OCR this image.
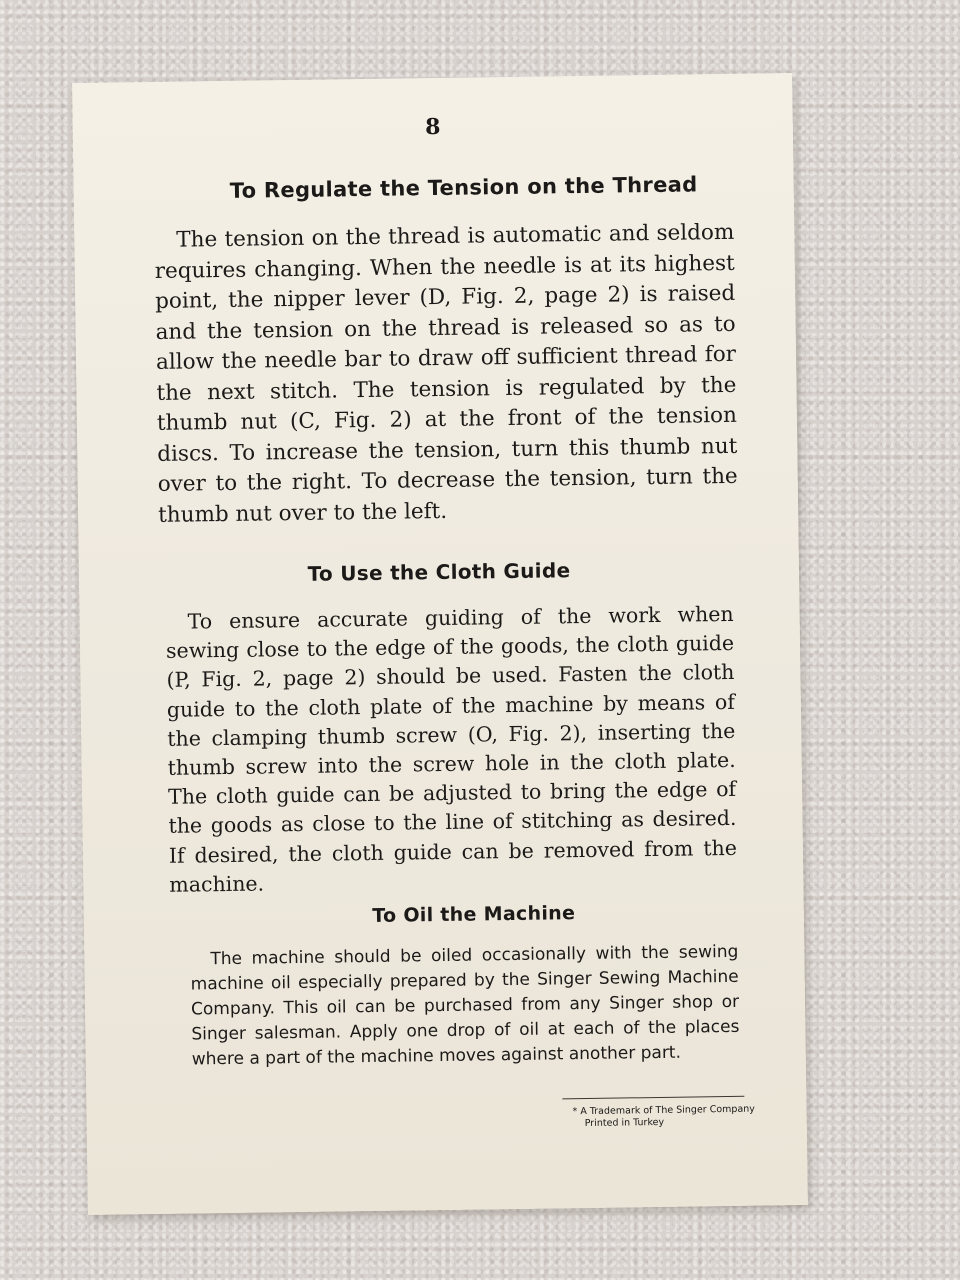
8
To Regulate the Tension on the Thread

The tension on the thread is automatic and seldom requires changing. When the needle is at its highest point, the nipper lever (D, Fig. 2, page 2) is raised and the tension on the thread is released so as to allow the needle bar to draw off sufficient thread for the next stitch. The tension is regulated by the thumb nut (C, Fig. 2) at the front of the tension discs. To increase the tension, turn this thumb nut over to the right. To decrease the tension, turn the thumb nut over to the left.

To Use the Cloth Guide

To ensure accurate guiding of the work when sewing close to the edge of the goods, the cloth guide (P, Fig. 2, page 2) should be used. Fasten the cloth guide to the cloth plate of the machine by means of the clamping thumb screw (O, Fig. 2), inserting the thumb screw into the screw hole in the cloth plate. The cloth guide can be adjusted to bring the edge of the goods as close to the line of stitching as desired. If desired, the cloth guide can be removed from the machine.

To Oil the Machine

The machine should be oiled occasionally with the sewing machine oil especially prepared by the Singer Sewing Machine Company. This oil can be purchased from any Singer shop or Singer salesman. Apply one drop of oil at each of the places where a part of the machine moves against another part.

* A Trademark of The Singer Company
Printed in Turkey
